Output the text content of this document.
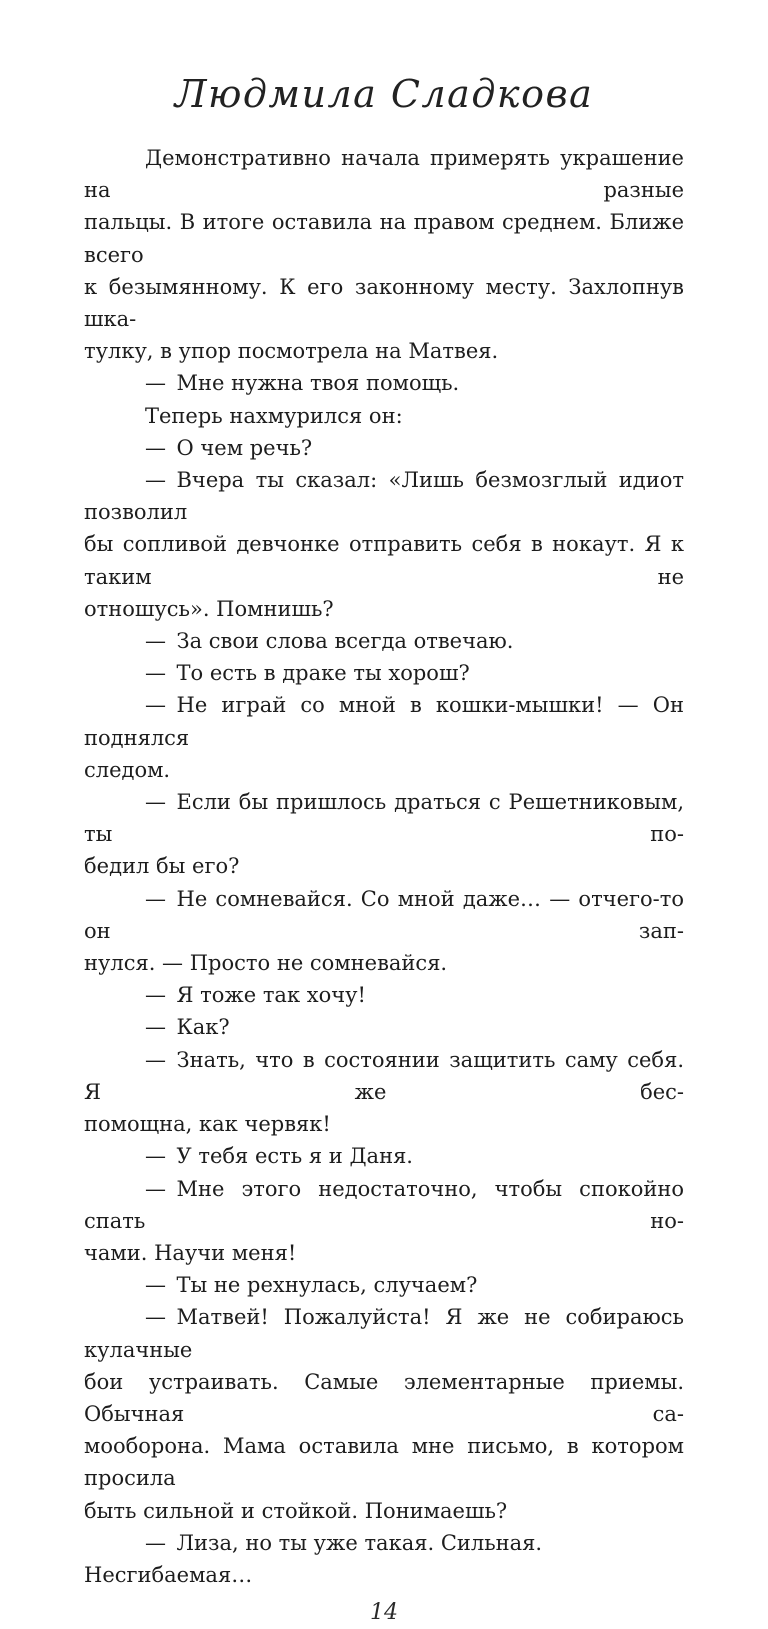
Людмила Сладкова
Демонстративно начала примерять украшение на разные
пальцы. В итоге оставила на правом среднем. Ближе всего
к безымянному. К его законному месту. Захлопнув шка-
тулку, в упор посмотрела на Матвея.
— Мне нужна твоя помощь.
Теперь нахмурился он:
— О чем речь?
— Вчера ты сказал: «Лишь безмозглый идиот позволил
бы сопливой девчонке отправить себя в нокаут. Я к таким не
отношусь». Помнишь?
— За свои слова всегда отвечаю.
— То есть в драке ты хорош?
— Не играй со мной в кошки-мышки! — Он поднялся
следом.
— Если бы пришлось драться с Решетниковым, ты по-
бедил бы его?
— Не сомневайся. Со мной даже… — отчего-то он зап-
нулся. — Просто не сомневайся.
— Я тоже так хочу!
— Как?
— Знать, что в состоянии защитить саму себя. Я же бес-
помощна, как червяк!
— У тебя есть я и Даня.
— Мне этого недостаточно, чтобы спокойно спать но-
чами. Научи меня!
— Ты не рехнулась, случаем?
— Матвей! Пожалуйста! Я же не собираюсь кулачные
бои устраивать. Самые элементарные приемы. Обычная са-
мооборона. Мама оставила мне письмо, в котором просила
быть сильной и стойкой. Понимаешь?
— Лиза, но ты уже такая. Сильная. Несгибаемая…
14
